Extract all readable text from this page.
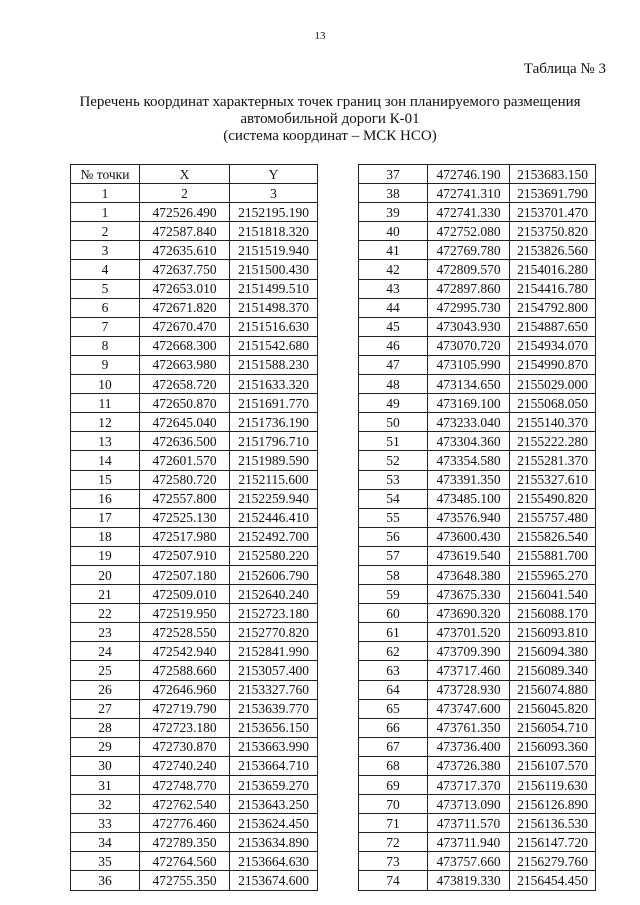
13
Таблица № 3
Перечень координат характерных точек границ зон планируемого размещения
автомобильной дороги К-01
(система координат – МСК НСО)
№ точки	X	Y
1	2	3
1	472526.490	2152195.190
2	472587.840	2151818.320
3	472635.610	2151519.940
4	472637.750	2151500.430
5	472653.010	2151499.510
6	472671.820	2151498.370
7	472670.470	2151516.630
8	472668.300	2151542.680
9	472663.980	2151588.230
10	472658.720	2151633.320
11	472650.870	2151691.770
12	472645.040	2151736.190
13	472636.500	2151796.710
14	472601.570	2151989.590
15	472580.720	2152115.600
16	472557.800	2152259.940
17	472525.130	2152446.410
18	472517.980	2152492.700
19	472507.910	2152580.220
20	472507.180	2152606.790
21	472509.010	2152640.240
22	472519.950	2152723.180
23	472528.550	2152770.820
24	472542.940	2152841.990
25	472588.660	2153057.400
26	472646.960	2153327.760
27	472719.790	2153639.770
28	472723.180	2153656.150
29	472730.870	2153663.990
30	472740.240	2153664.710
31	472748.770	2153659.270
32	472762.540	2153643.250
33	472776.460	2153624.450
34	472789.350	2153634.890
35	472764.560	2153664.630
36	472755.350	2153674.600
37	472746.190	2153683.150
38	472741.310	2153691.790
39	472741.330	2153701.470
40	472752.080	2153750.820
41	472769.780	2153826.560
42	472809.570	2154016.280
43	472897.860	2154416.780
44	472995.730	2154792.800
45	473043.930	2154887.650
46	473070.720	2154934.070
47	473105.990	2154990.870
48	473134.650	2155029.000
49	473169.100	2155068.050
50	473233.040	2155140.370
51	473304.360	2155222.280
52	473354.580	2155281.370
53	473391.350	2155327.610
54	473485.100	2155490.820
55	473576.940	2155757.480
56	473600.430	2155826.540
57	473619.540	2155881.700
58	473648.380	2155965.270
59	473675.330	2156041.540
60	473690.320	2156088.170
61	473701.520	2156093.810
62	473709.390	2156094.380
63	473717.460	2156089.340
64	473728.930	2156074.880
65	473747.600	2156045.820
66	473761.350	2156054.710
67	473736.400	2156093.360
68	473726.380	2156107.570
69	473717.370	2156119.630
70	473713.090	2156126.890
71	473711.570	2156136.530
72	473711.940	2156147.720
73	473757.660	2156279.760
74	473819.330	2156454.450
